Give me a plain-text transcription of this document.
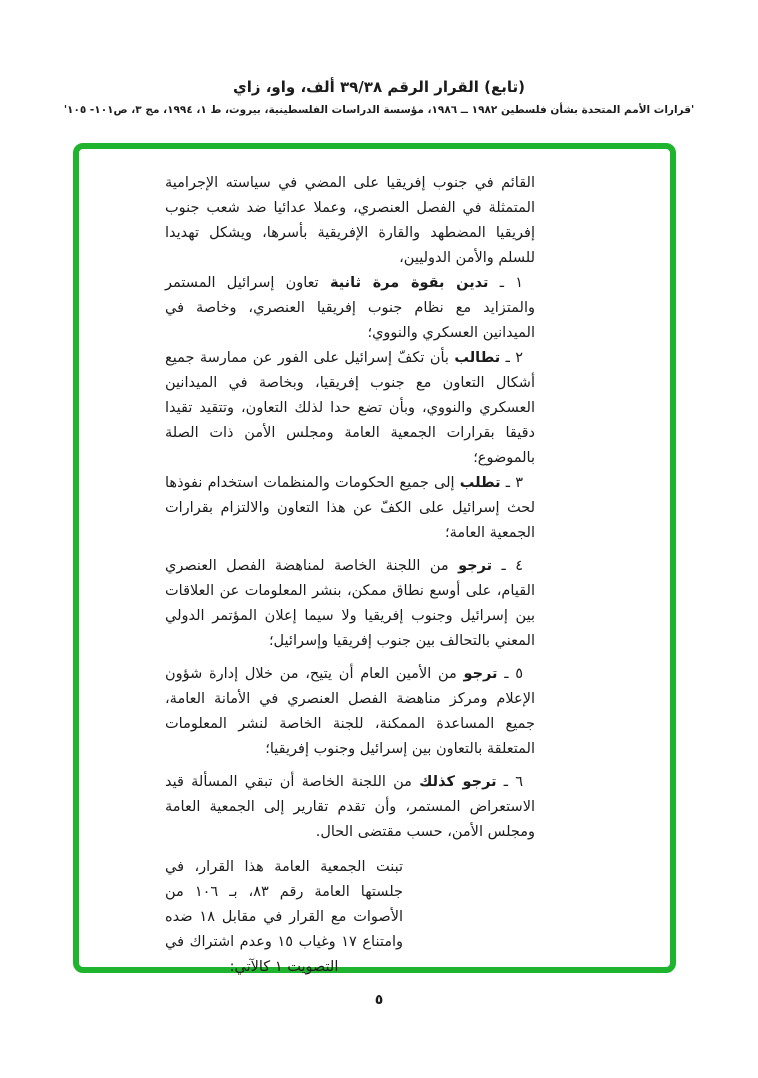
(تابع) القرار الرقم ٣٩/٣٨ ألف، واو، زاي
'قرارات الأمم المتحدة بشأن فلسطين ١٩٨٢ ــ ١٩٨٦، مؤسسة الدراسات الفلسطينية، بيروت، ط ١، ١٩٩٤، مج ٣، ص١٠١- ١٠٥'

القائم في جنوب إفريقيا على المضي في سياسته الإجرامية المتمثلة في الفصل العنصري، وعملا عدائيا ضد شعب جنوب إفريقيا المضطهد والقارة الإفريقية بأسرها، ويشكل تهديدا للسلم والأمن الدوليين،

١ ـ تدين بقوة مرة ثانية تعاون إسرائيل المستمر والمتزايد مع نظام جنوب إفريقيا العنصري، وخاصة في الميدانين العسكري والنووي؛

٢ ـ تطالب بأن تكفّ إسرائيل على الفور عن ممارسة جميع أشكال التعاون مع جنوب إفريقيا، وبخاصة في الميدانين العسكري والنووي، وبأن تضع حدا لذلك التعاون، وتتقيد تقيدا دقيقا بقرارات الجمعية العامة ومجلس الأمن ذات الصلة بالموضوع؛

٣ ـ تطلب إلى جميع الحكومات والمنظمات استخدام نفوذها لحث إسرائيل على الكفّ عن هذا التعاون والالتزام بقرارات الجمعية العامة؛

٤ ـ ترجو من اللجنة الخاصة لمناهضة الفصل العنصري القيام، على أوسع نطاق ممكن، بنشر المعلومات عن العلاقات بين إسرائيل وجنوب إفريقيا ولا سيما إعلان المؤتمر الدولي المعني بالتحالف بين جنوب إفريقيا وإسرائيل؛

٥ ـ ترجو من الأمين العام أن يتيح، من خلال إدارة شؤون الإعلام ومركز مناهضة الفصل العنصري في الأمانة العامة، جميع المساعدة الممكنة، للجنة الخاصة لنشر المعلومات المتعلقة بالتعاون بين إسرائيل وجنوب إفريقيا؛

٦ ـ ترجو كذلك من اللجنة الخاصة أن تبقي المسألة قيد الاستعراض المستمر، وأن تقدم تقارير إلى الجمعية العامة ومجلس الأمن، حسب مقتضى الحال.

تبنت الجمعية العامة هذا القرار، في جلستها العامة رقم ٨٣، بـ ١٠٦ من الأصوات مع القرار في مقابل ١٨ ضده وامتناع ١٧ وغياب ١٥ وعدم اشتراك في التصويت ١ كالآتي:

٥
